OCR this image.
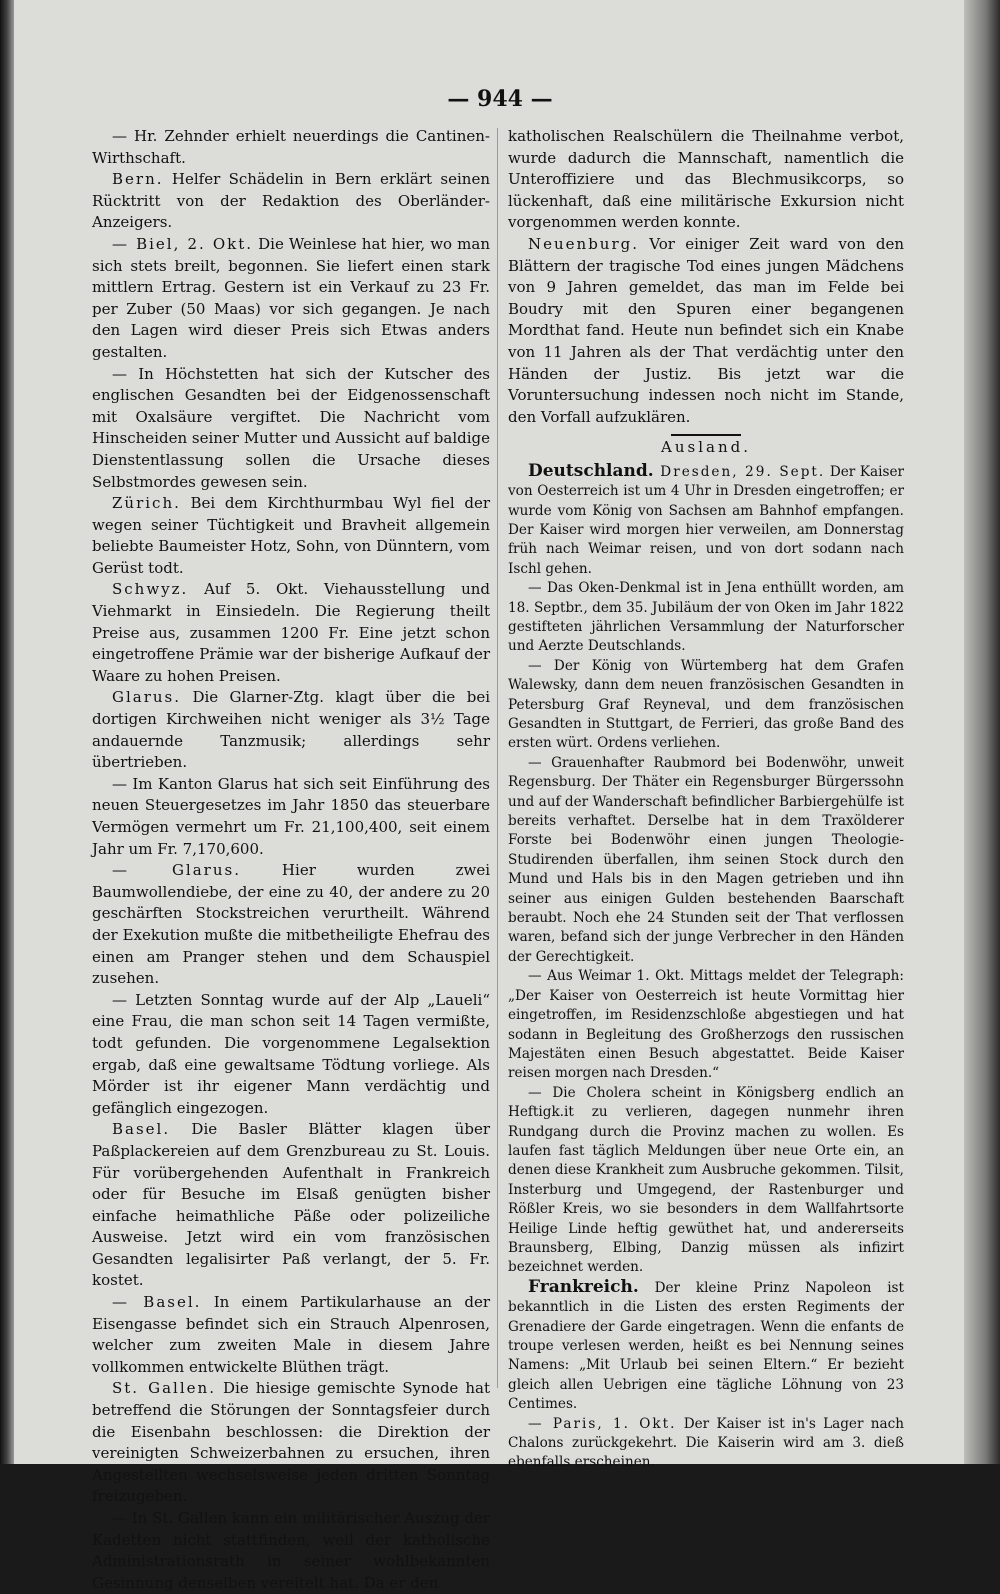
— 944 —

— Hr. Zehnder erhielt neuerdings die Cantinen-Wirthschaft.

Bern. Helfer Schädelin in Bern erklärt seinen Rücktritt von der Redaktion des Oberländer-Anzeigers.

— Biel, 2. Okt. Die Weinlese hat hier, wo man sich stets breilt, begonnen. Sie liefert einen stark mittlern Ertrag. Gestern ist ein Verkauf zu 23 Fr. per Zuber (50 Maas) vor sich gegangen. Je nach den Lagen wird dieser Preis sich Etwas anders gestalten.

— In Höchstetten hat sich der Kutscher des englischen Gesandten bei der Eidgenossenschaft mit Oxalsäure vergiftet. Die Nachricht vom Hinscheiden seiner Mutter und Aussicht auf baldige Dienstentlassung sollen die Ursache dieses Selbstmordes gewesen sein.

Zürich. Bei dem Kirchthurmbau Wyl fiel der wegen seiner Tüchtigkeit und Bravheit allgemein beliebte Baumeister Hotz, Sohn, von Dünntern, vom Gerüst todt.

Schwyz. Auf 5. Okt. Viehausstellung und Viehmarkt in Einsiedeln. Die Regierung theilt Preise aus, zusammen 1200 Fr. Eine jetzt schon eingetroffene Prämie war der bisherige Aufkauf der Waare zu hohen Preisen.

Glarus. Die Glarner-Ztg. klagt über die bei dortigen Kirchweihen nicht weniger als 3½ Tage andauernde Tanzmusik; allerdings sehr übertrieben.

— Im Kanton Glarus hat sich seit Einführung des neuen Steuergesetzes im Jahr 1850 das steuerbare Vermögen vermehrt um Fr. 21,100,400, seit einem Jahr um Fr. 7,170,600.

— Glarus. Hier wurden zwei Baumwollendiebe, der eine zu 40, der andere zu 20 geschärften Stockstreichen verurtheilt. Während der Exekution mußte die mitbetheiligte Ehefrau des einen am Pranger stehen und dem Schauspiel zusehen.

— Letzten Sonntag wurde auf der Alp „Laueli“ eine Frau, die man schon seit 14 Tagen vermißte, todt gefunden. Die vorgenommene Legalsektion ergab, daß eine gewaltsame Tödtung vorliege. Als Mörder ist ihr eigener Mann verdächtig und gefänglich eingezogen.

Basel. Die Basler Blätter klagen über Paßplackereien auf dem Grenzbureau zu St. Louis. Für vorübergehenden Aufenthalt in Frankreich oder für Besuche im Elsaß genügten bisher einfache heimathliche Päße oder polizeiliche Ausweise. Jetzt wird ein vom französischen Gesandten legalisirter Paß verlangt, der 5. Fr. kostet.

— Basel. In einem Partikularhause an der Eisengasse befindet sich ein Strauch Alpenrosen, welcher zum zweiten Male in diesem Jahre vollkommen entwickelte Blüthen trägt.

St. Gallen. Die hiesige gemischte Synode hat betreffend die Störungen der Sonntagsfeier durch die Eisenbahn beschlossen: die Direktion der vereinigten Schweizerbahnen zu ersuchen, ihren Angestellten wechselsweise jeden dritten Sonntag freizugeben.

— In St. Gallen kann ein militärischer Auszug der Kadetten nicht stattfinden, weil der katholische Administrationsrath in seiner wohlbekannten Gesinnung denselben vereitelt hat. Da er den

katholischen Realschülern die Theilnahme verbot, wurde dadurch die Mannschaft, namentlich die Unteroffiziere und das Blechmusikcorps, so lückenhaft, daß eine militärische Exkursion nicht vorgenommen werden konnte.

Neuenburg. Vor einiger Zeit ward von den Blättern der tragische Tod eines jungen Mädchens von 9 Jahren gemeldet, das man im Felde bei Boudry mit den Spuren einer begangenen Mordthat fand. Heute nun befindet sich ein Knabe von 11 Jahren als der That verdächtig unter den Händen der Justiz. Bis jetzt war die Voruntersuchung indessen noch nicht im Stande, den Vorfall aufzuklären.

Ausland.

Deutschland. Dresden, 29. Sept. Der Kaiser von Oesterreich ist um 4 Uhr in Dresden eingetroffen; er wurde vom König von Sachsen am Bahnhof empfangen. Der Kaiser wird morgen hier verweilen, am Donnerstag früh nach Weimar reisen, und von dort sodann nach Ischl gehen.

— Das Oken-Denkmal ist in Jena enthüllt worden, am 18. Septbr., dem 35. Jubiläum der von Oken im Jahr 1822 gestifteten jährlichen Versammlung der Naturforscher und Aerzte Deutschlands.

— Der König von Würtemberg hat dem Grafen Walewsky, dann dem neuen französischen Gesandten in Petersburg Graf Reyneval, und dem französischen Gesandten in Stuttgart, de Ferrieri, das große Band des ersten würt. Ordens verliehen.

— Grauenhafter Raubmord bei Bodenwöhr, unweit Regensburg. Der Thäter ein Regensburger Bürgerssohn und auf der Wanderschaft befindlicher Barbiergehülfe ist bereits verhaftet. Derselbe hat in dem Traxölderer Forste bei Bodenwöhr einen jungen Theologie-Studirenden überfallen, ihm seinen Stock durch den Mund und Hals bis in den Magen getrieben und ihn seiner aus einigen Gulden bestehenden Baarschaft beraubt. Noch ehe 24 Stunden seit der That verflossen waren, befand sich der junge Verbrecher in den Händen der Gerechtigkeit.

— Aus Weimar 1. Okt. Mittags meldet der Telegraph: „Der Kaiser von Oesterreich ist heute Vormittag hier eingetroffen, im Residenzschloße abgestiegen und hat sodann in Begleitung des Großherzogs den russischen Majestäten einen Besuch abgestattet. Beide Kaiser reisen morgen nach Dresden.“

— Die Cholera scheint in Königsberg endlich an Heftigk.it zu verlieren, dagegen nunmehr ihren Rundgang durch die Provinz machen zu wollen. Es laufen fast täglich Meldungen über neue Orte ein, an denen diese Krankheit zum Ausbruche gekommen. Tilsit, Insterburg und Umgegend, der Rastenburger und Rößler Kreis, wo sie besonders in dem Wallfahrtsorte Heilige Linde heftig gewüthet hat, und andererseits Braunsberg, Elbing, Danzig müssen als infizirt bezeichnet werden.

Frankreich. Der kleine Prinz Napoleon ist bekanntlich in die Listen des ersten Regiments der Grenadiere der Garde eingetragen. Wenn die enfants de troupe verlesen werden, heißt es bei Nennung seines Namens: „Mit Urlaub bei seinen Eltern.“ Er bezieht gleich allen Uebrigen eine tägliche Löhnung von 23 Centimes.

— Paris, 1. Okt. Der Kaiser ist in's Lager nach Chalons zurückgekehrt. Die Kaiserin wird am 3. dieß ebenfalls erscheinen.
